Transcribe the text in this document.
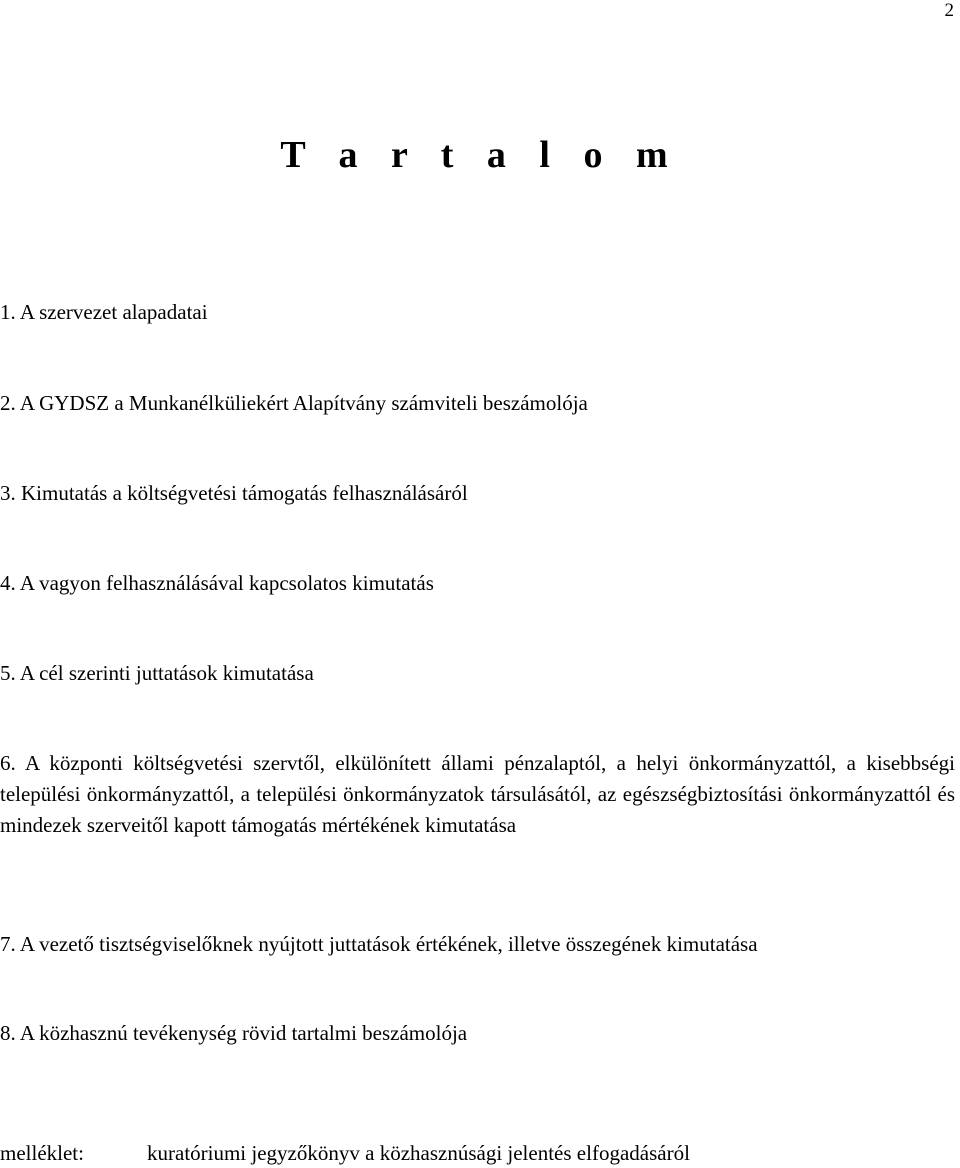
2
T a r t a l o m

1. A szervezet alapadatai

2. A GYDSZ a Munkanélküliekért Alapítvány számviteli beszámolója

3. Kimutatás a költségvetési támogatás felhasználásáról

4. A vagyon felhasználásával kapcsolatos kimutatás

5. A cél szerinti juttatások kimutatása

6. A központi költségvetési szervtől, elkülönített állami pénzalaptól, a helyi önkormányzattól, a kisebbségi települési önkormányzattól, a települési önkormányzatok társulásától, az egészségbiztosítási önkormányzattól és mindezek szerveitől kapott támogatás mértékének kimutatása

7. A vezető tisztségviselőknek nyújtott juttatások értékének, illetve összegének kimutatása

8. A közhasznú tevékenység rövid tartalmi beszámolója

melléklet:	kuratóriumi jegyzőkönyv a közhasznúsági jelentés elfogadásáról
